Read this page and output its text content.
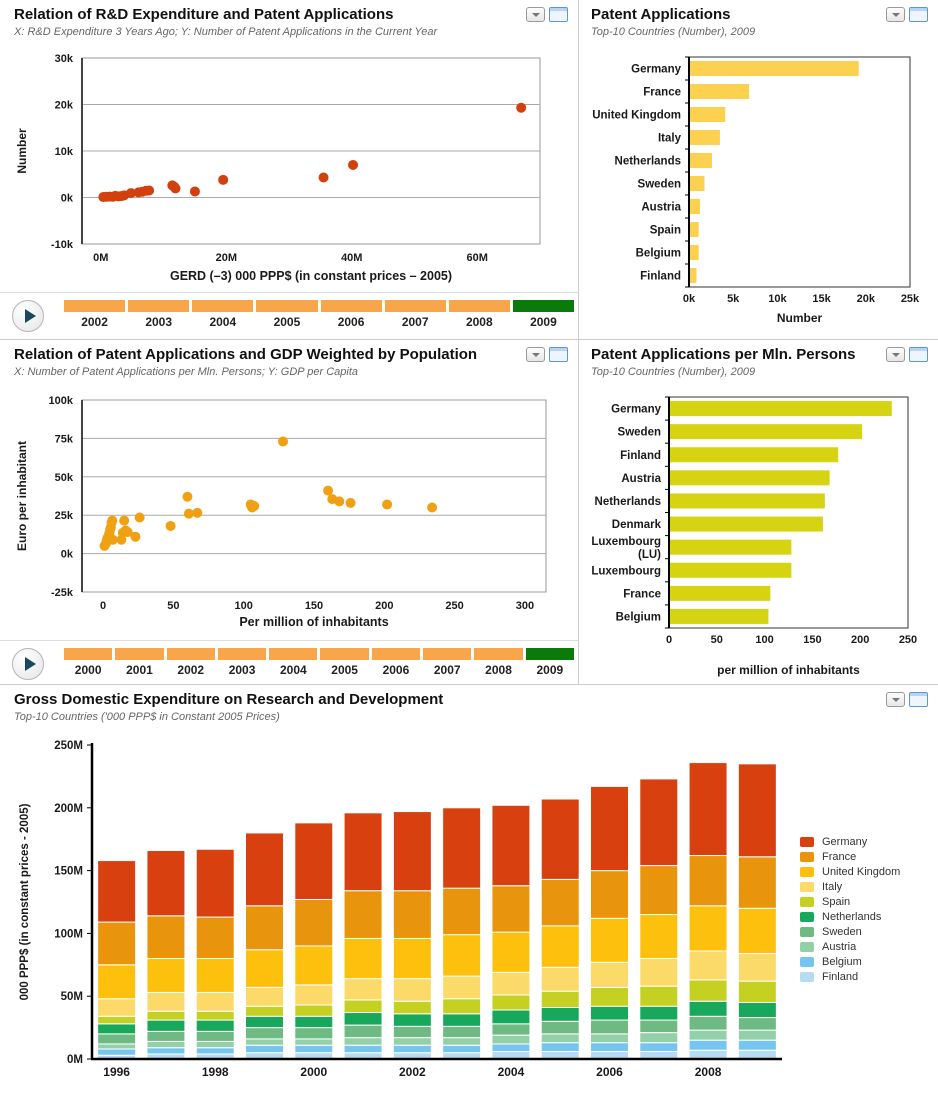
Relation of R&D Expenditure and Patent Applications
X: R&D Expenditure 3 Years Ago; Y: Number of Patent Applications in the Current Year
-10k
0k
10k
20k
30k
0M	20M	40M	60M
GERD (–3) 000 PPP$ (in constant prices – 2005)
Number
2002	2003	2004	2005	2006	2007	2008	2009
Patent Applications
Top-10 Countries (Number), 2009
Germany
France
United Kingdom
Italy
Netherlands
Sweden
Austria
Spain
Belgium
Finland
0k	5k	10k 15k 20k 25k
Number
Relation of Patent Applications and GDP Weighted by Population
X: Number of Patent Applications per Mln. Persons; Y: GDP per Capita
-25k
0k
25k
50k
75k
100k
0	50	100	150	200	250	300
Per million of inhabitants
Euro per inhabitant
2000	2001	2002	2003	2004	2005	2006	2007	2008	2009
Patent Applications per Mln. Persons
Top-10 Countries (Number), 2009
Germany
Sweden
Finland
Austria
Netherlands
Denmark
Luxembourg
(LU)
Luxembourg
France
Belgium
0	50	100	150	200	250
per million of inhabitants
Gross Domestic Expenditure on Research and Development
Top-10 Countries ('000 PPP$ in Constant 2005 Prices)
0M
50M
100M
150M
200M
250M
1996	1998	2000	2002	2004	2006	2008
000 PPP$ (in constant prices - 2005)	Germany
France
United Kingdom
Italy
Spain
Netherlands
Sweden
Austria
Belgium
Finland
